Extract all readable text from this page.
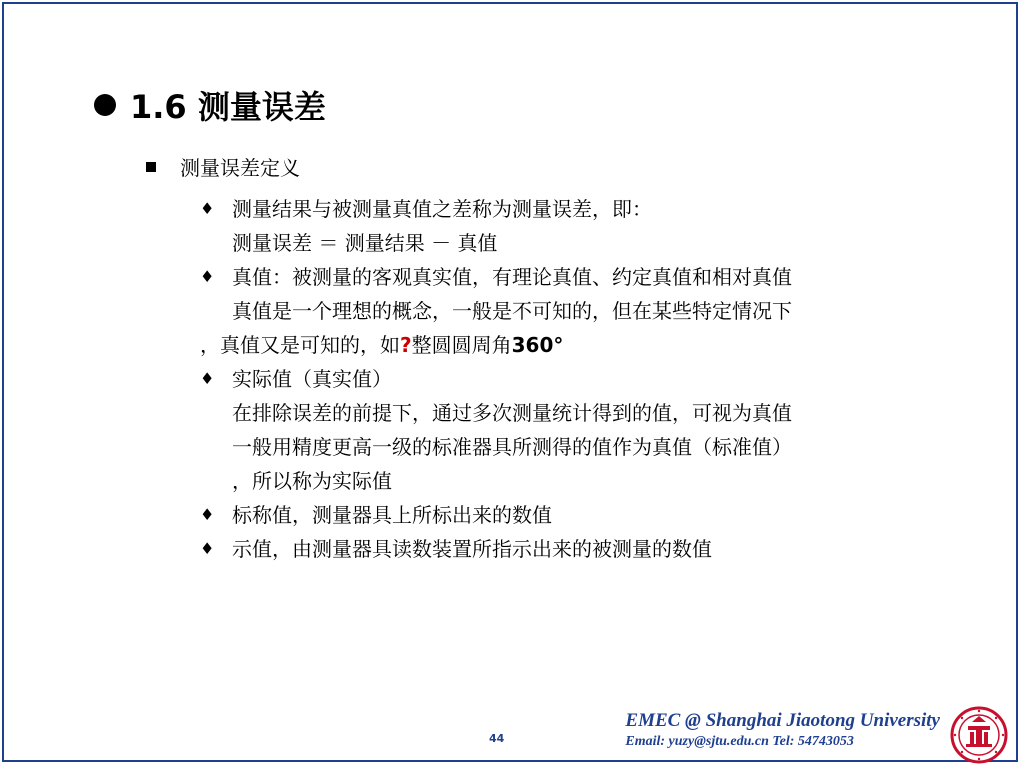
1.6 测量误差
测量误差定义
♦ 测量结果与被测量真值之差称为测量误差，即：
测量误差 ＝ 测量结果 － 真值
♦ 真值：被测量的客观真实值，有理论真值、约定真值和相对真值
真值是一个理想的概念，一般是不可知的，但在某些特定情况下
，真值又是可知的，如?整圆圆周角360°
♦ 实际值（真实值）
在排除误差的前提下，通过多次测量统计得到的值，可视为真值
一般用精度更高一级的标准器具所测得的值作为真值（标准值）
，所以称为实际值
♦ 标称值，测量器具上所标出来的数值
♦ 示值，由测量器具读数装置所指示出来的被测量的数值
44
EMEC @ Shanghai Jiaotong University
Email: yuzy@sjtu.edu.cn Tel: 54743053
